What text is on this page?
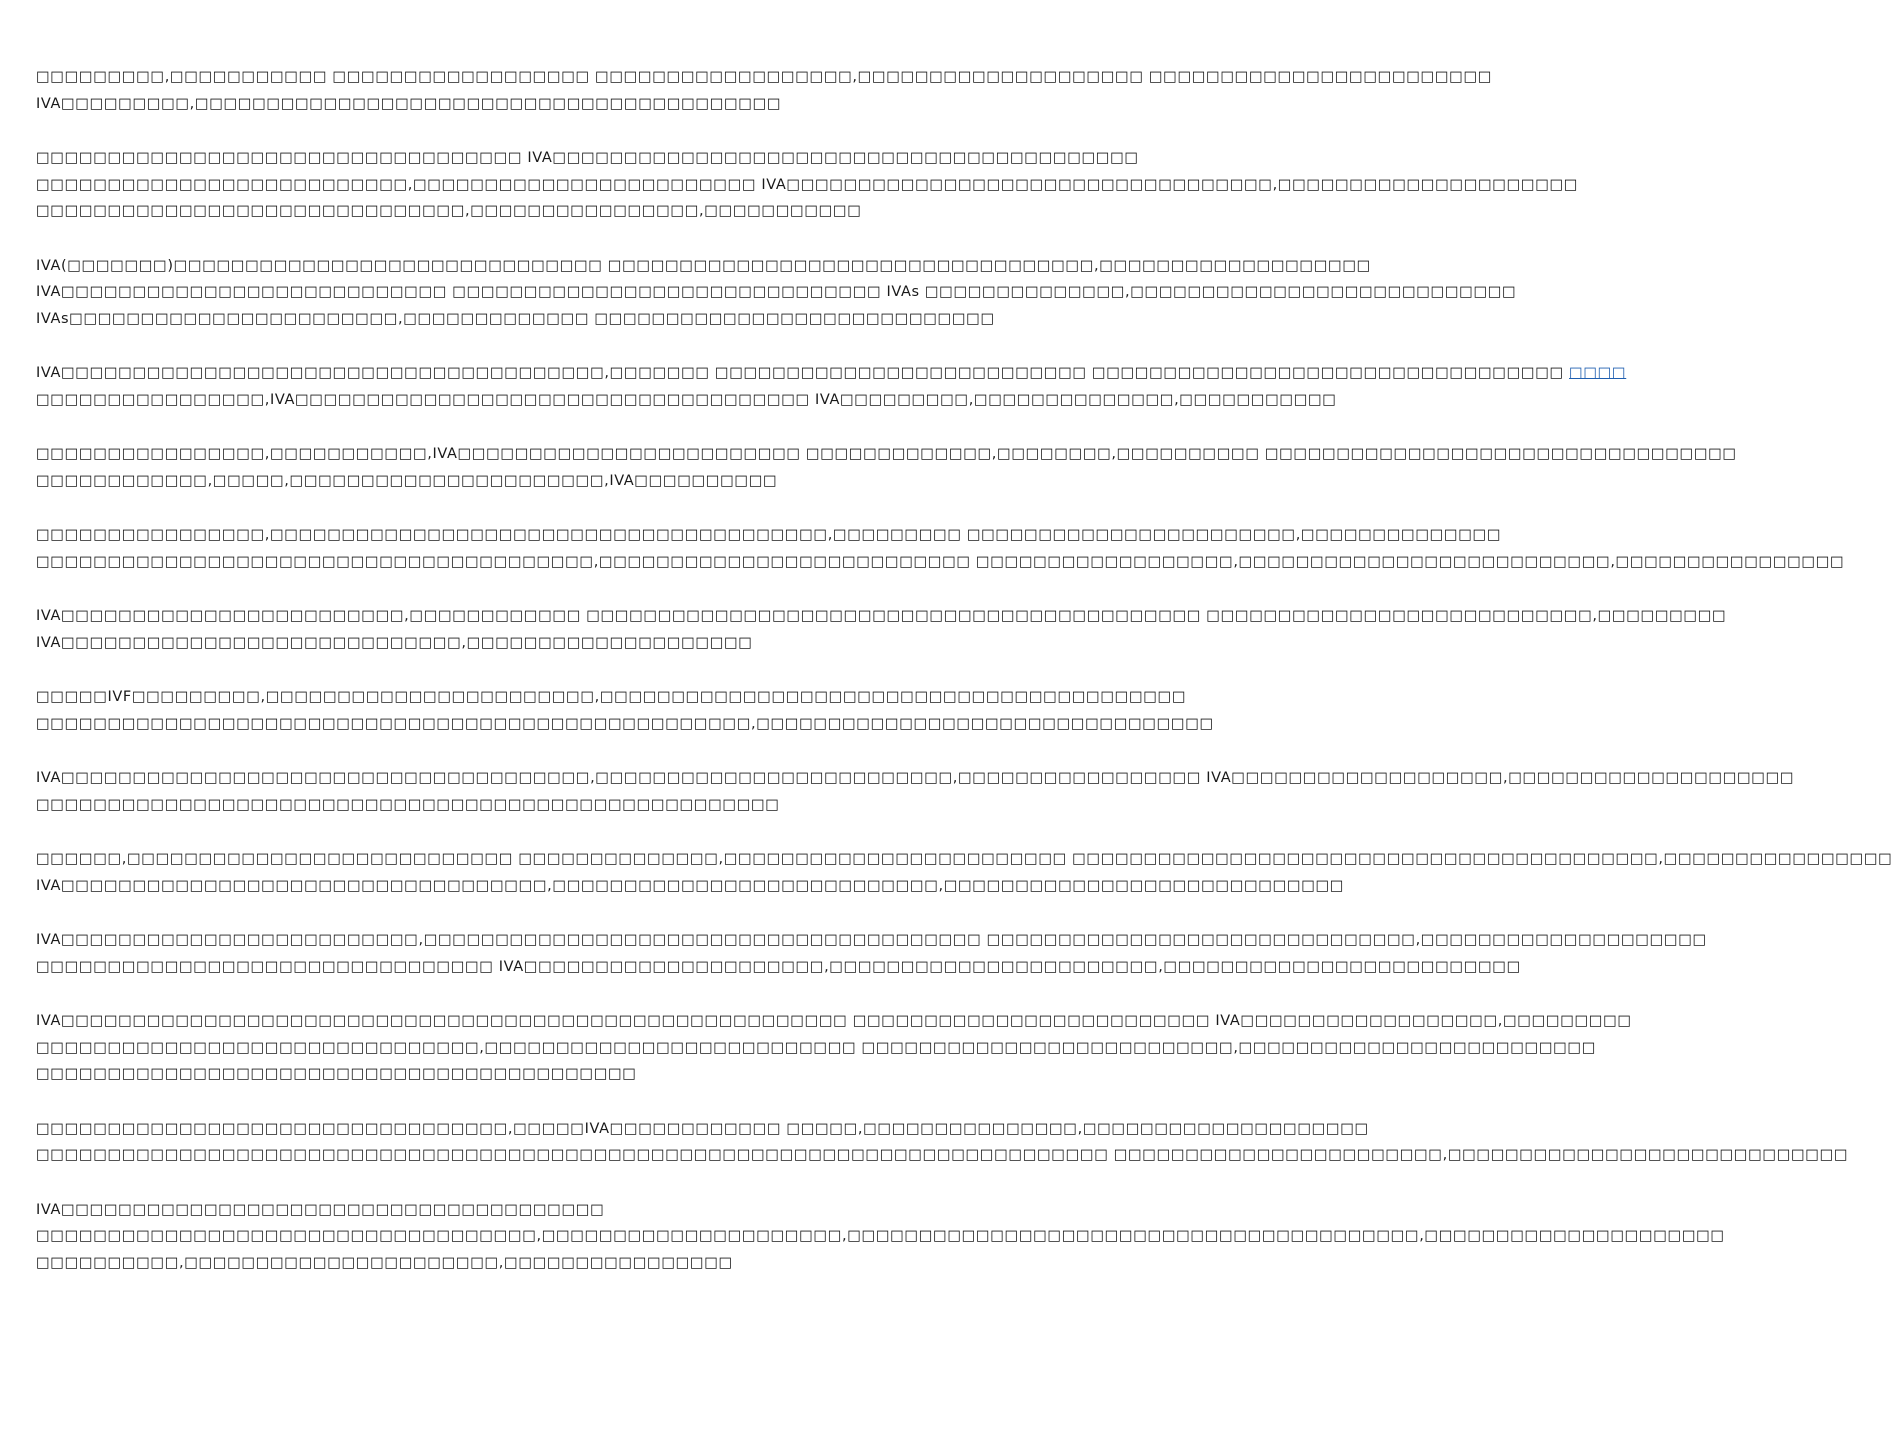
□□□□□□□□□,□□□□□□□□□□□ □□□□□□□□□□□□□□□□□□ □□□□□□□□□□□□□□□□□□,□□□□□□□□□□□□□□□□□□□□ □□□□□□□□□□□□□□□□□□□□□□□□
IVA□□□□□□□□□,□□□□□□□□□□□□□□□□□□□□□□□□□□□□□□□□□□□□□□□□□

□□□□□□□□□□□□□□□□□□□□□□□□□□□□□□□□□□ IVA□□□□□□□□□□□□□□□□□□□□□□□□□□□□□□□□□□□□□□□□□
□□□□□□□□□□□□□□□□□□□□□□□□□□,□□□□□□□□□□□□□□□□□□□□□□□□ IVA□□□□□□□□□□□□□□□□□□□□□□□□□□□□□□□□□□,□□□□□□□□□□□□□□□□□□□□□
□□□□□□□□□□□□□□□□□□□□□□□□□□□□□□,□□□□□□□□□□□□□□□□,□□□□□□□□□□□

IVA(□□□□□□□)□□□□□□□□□□□□□□□□□□□□□□□□□□□□□□ □□□□□□□□□□□□□□□□□□□□□□□□□□□□□□□□□□,□□□□□□□□□□□□□□□□□□□
IVA□□□□□□□□□□□□□□□□□□□□□□□□□□□ □□□□□□□□□□□□□□□□□□□□□□□□□□□□□□ IVAs □□□□□□□□□□□□□□,□□□□□□□□□□□□□□□□□□□□□□□□□□□
IVAs□□□□□□□□□□□□□□□□□□□□□□□,□□□□□□□□□□□□□ □□□□□□□□□□□□□□□□□□□□□□□□□□□□

IVA□□□□□□□□□□□□□□□□□□□□□□□□□□□□□□□□□□□□□□,□□□□□□□ □□□□□□□□□□□□□□□□□□□□□□□□□□ □□□□□□□□□□□□□□□□□□□□□□□□□□□□□□□□□ □□□□
□□□□□□□□□□□□□□□□,IVA□□□□□□□□□□□□□□□□□□□□□□□□□□□□□□□□□□□□ IVA□□□□□□□□□,□□□□□□□□□□□□□□,□□□□□□□□□□□

□□□□□□□□□□□□□□□□,□□□□□□□□□□□,IVA□□□□□□□□□□□□□□□□□□□□□□□□ □□□□□□□□□□□□□,□□□□□□□□,□□□□□□□□□□ □□□□□□□□□□□□□□□□□□□□□□□□□□□□□□□□□
□□□□□□□□□□□□,□□□□□,□□□□□□□□□□□□□□□□□□□□□□,IVA□□□□□□□□□□

□□□□□□□□□□□□□□□□,□□□□□□□□□□□□□□□□□□□□□□□□□□□□□□□□□□□□□□□,□□□□□□□□□ □□□□□□□□□□□□□□□□□□□□□□□,□□□□□□□□□□□□□□
□□□□□□□□□□□□□□□□□□□□□□□□□□□□□□□□□□□□□□□,□□□□□□□□□□□□□□□□□□□□□□□□□□ □□□□□□□□□□□□□□□□□□,□□□□□□□□□□□□□□□□□□□□□□□□□□,□□□□□□□□□□□□□□□□

IVA□□□□□□□□□□□□□□□□□□□□□□□□,□□□□□□□□□□□□ □□□□□□□□□□□□□□□□□□□□□□□□□□□□□□□□□□□□□□□□□□□ □□□□□□□□□□□□□□□□□□□□□□□□□□□,□□□□□□□□□
IVA□□□□□□□□□□□□□□□□□□□□□□□□□□□□,□□□□□□□□□□□□□□□□□□□□

□□□□□IVF□□□□□□□□□,□□□□□□□□□□□□□□□□□□□□□□□,□□□□□□□□□□□□□□□□□□□□□□□□□□□□□□□□□□□□□□□□□
□□□□□□□□□□□□□□□□□□□□□□□□□□□□□□□□□□□□□□□□□□□□□□□□□□,□□□□□□□□□□□□□□□□□□□□□□□□□□□□□□□□

IVA□□□□□□□□□□□□□□□□□□□□□□□□□□□□□□□□□□□□□,□□□□□□□□□□□□□□□□□□□□□□□□□,□□□□□□□□□□□□□□□□□ IVA□□□□□□□□□□□□□□□□□□□,□□□□□□□□□□□□□□□□□□□□
□□□□□□□□□□□□□□□□□□□□□□□□□□□□□□□□□□□□□□□□□□□□□□□□□□□□

□□□□□□,□□□□□□□□□□□□□□□□□□□□□□□□□□□ □□□□□□□□□□□□□□,□□□□□□□□□□□□□□□□□□□□□□□□ □□□□□□□□□□□□□□□□□□□□□□□□□□□□□□□□□□□□□□□□□,□□□□□□□□□□□□□□□□
IVA□□□□□□□□□□□□□□□□□□□□□□□□□□□□□□□□□□,□□□□□□□□□□□□□□□□□□□□□□□□□□□,□□□□□□□□□□□□□□□□□□□□□□□□□□□□

IVA□□□□□□□□□□□□□□□□□□□□□□□□□,□□□□□□□□□□□□□□□□□□□□□□□□□□□□□□□□□□□□□□□ □□□□□□□□□□□□□□□□□□□□□□□□□□□□□□,□□□□□□□□□□□□□□□□□□□□
□□□□□□□□□□□□□□□□□□□□□□□□□□□□□□□□ IVA□□□□□□□□□□□□□□□□□□□□□,□□□□□□□□□□□□□□□□□□□□□□□,□□□□□□□□□□□□□□□□□□□□□□□□□

IVA□□□□□□□□□□□□□□□□□□□□□□□□□□□□□□□□□□□□□□□□□□□□□□□□□□□□□□□ □□□□□□□□□□□□□□□□□□□□□□□□□ IVA□□□□□□□□□□□□□□□□□□,□□□□□□□□□
□□□□□□□□□□□□□□□□□□□□□□□□□□□□□□□,□□□□□□□□□□□□□□□□□□□□□□□□□□ □□□□□□□□□□□□□□□□□□□□□□□□□□,□□□□□□□□□□□□□□□□□□□□□□□□□
□□□□□□□□□□□□□□□□□□□□□□□□□□□□□□□□□□□□□□□□□□

□□□□□□□□□□□□□□□□□□□□□□□□□□□□□□□□□,□□□□□IVA□□□□□□□□□□□□ □□□□□,□□□□□□□□□□□□□□□,□□□□□□□□□□□□□□□□□□□□
□□□□□□□□□□□□□□□□□□□□□□□□□□□□□□□□□□□□□□□□□□□□□□□□□□□□□□□□□□□□□□□□□□□□□□□□□□□ □□□□□□□□□□□□□□□□□□□□□□□,□□□□□□□□□□□□□□□□□□□□□□□□□□□□

IVA□□□□□□□□□□□□□□□□□□□□□□□□□□□□□□□□□□□□□□
□□□□□□□□□□□□□□□□□□□□□□□□□□□□□□□□□□□,□□□□□□□□□□□□□□□□□□□□□,□□□□□□□□□□□□□□□□□□□□□□□□□□□□□□□□□□□□□□□□,□□□□□□□□□□□□□□□□□□□□□
□□□□□□□□□□,□□□□□□□□□□□□□□□□□□□□□□,□□□□□□□□□□□□□□□□
